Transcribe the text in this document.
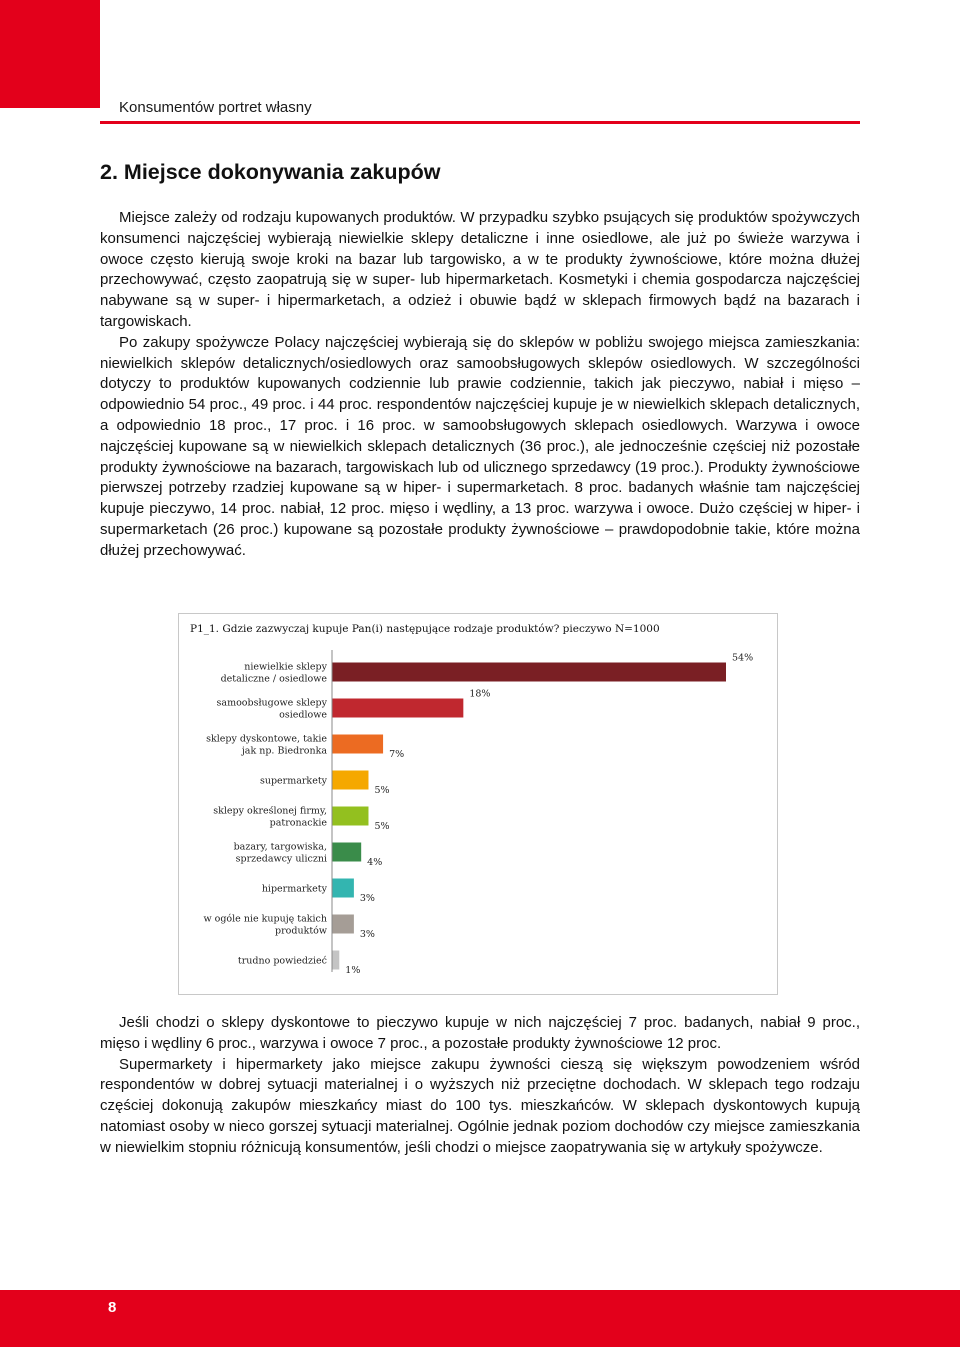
Konsumentów portret własny
2. Miejsce dokonywania zakupów

Miejsce zależy od rodzaju kupowanych produktów. W przypadku szybko psujących się produktów spożywczych konsumenci najczęściej wybierają niewielkie sklepy detaliczne i inne osiedlowe, ale już po świeże warzywa i owoce często kierują swoje kroki na bazar lub targowisko, a w te produkty żywnościowe, które można dłużej przechowywać, często zaopatrują się w super- lub hipermarketach. Kosmetyki i chemia gospodarcza najczęściej nabywane są w super- i hipermarketach, a odzież i obuwie bądź w sklepach firmowych bądź na bazarach i targowiskach.

Po zakupy spożywcze Polacy najczęściej wybierają się do sklepów w pobliżu swojego miejsca zamieszkania: niewielkich sklepów detalicznych/osiedlowych oraz samoobsługowych sklepów osiedlowych. W szczególności dotyczy to produktów kupowanych codziennie lub prawie codziennie, takich jak pieczywo, nabiał i mięso – odpowiednio 54 proc., 49 proc. i 44 proc. respondentów najczęściej kupuje je w niewielkich sklepach detalicznych, a odpowiednio 18 proc., 17 proc. i 16 proc. w samoobsługowych sklepach osiedlowych. Warzywa i owoce najczęściej kupowane są w niewielkich sklepach detalicznych (36 proc.), ale jednocześnie częściej niż pozostałe produkty żywnościowe na bazarach, targowiskach lub od ulicznego sprzedawcy (19 proc.). Produkty żywnościowe pierwszej potrzeby rzadziej kupowane są w hiper- i supermarketach. 8 proc. badanych właśnie tam najczęściej kupuje pieczywo, 14 proc. nabiał, 12 proc. mięso i wędliny, a 13 proc. warzywa i owoce. Dużo częściej w hiper- i supermarketach (26 proc.) kupowane są pozostałe produkty żywnościowe – prawdopodobnie takie, które można dłużej przechowywać.

P1_1. Gdzie zazwyczaj kupuje Pan(i) następujące rodzaje produktów? pieczywo N=1000
niewielkie sklepy detaliczne / osiedlowe
54%
samoobsługowe sklepy osiedlowe
18%
sklepy dyskontowe, takie jak np. Biedronka	7%
supermarkety
5%
sklepy określonej firmy, patronackie	5%
bazary, targowiska, sprzedawcy uliczni	4%
hipermarkety
3%
w ogóle nie kupuję takich produktów	3%
trudno powiedzieć
1%

Jeśli chodzi o sklepy dyskontowe to pieczywo kupuje w nich najczęściej 7 proc. badanych, nabiał 9 proc., mięso i wędliny 6 proc., warzywa i owoce 7 proc., a pozostałe produkty żywnościowe 12 proc.

Supermarkety i hipermarkety jako miejsce zakupu żywności cieszą się większym powodzeniem wśród respondentów w dobrej sytuacji materialnej i o wyższych niż przeciętne dochodach. W sklepach tego rodzaju częściej dokonują zakupów mieszkańcy miast do 100 tys. mieszkańców. W sklepach dyskontowych kupują natomiast osoby w nieco gorszej sytuacji materialnej. Ogólnie jednak poziom dochodów czy miejsce zamieszkania w niewielkim stopniu różnicują konsumentów, jeśli chodzi o miejsce zaopatrywania się w artykuły spożywcze.

8
